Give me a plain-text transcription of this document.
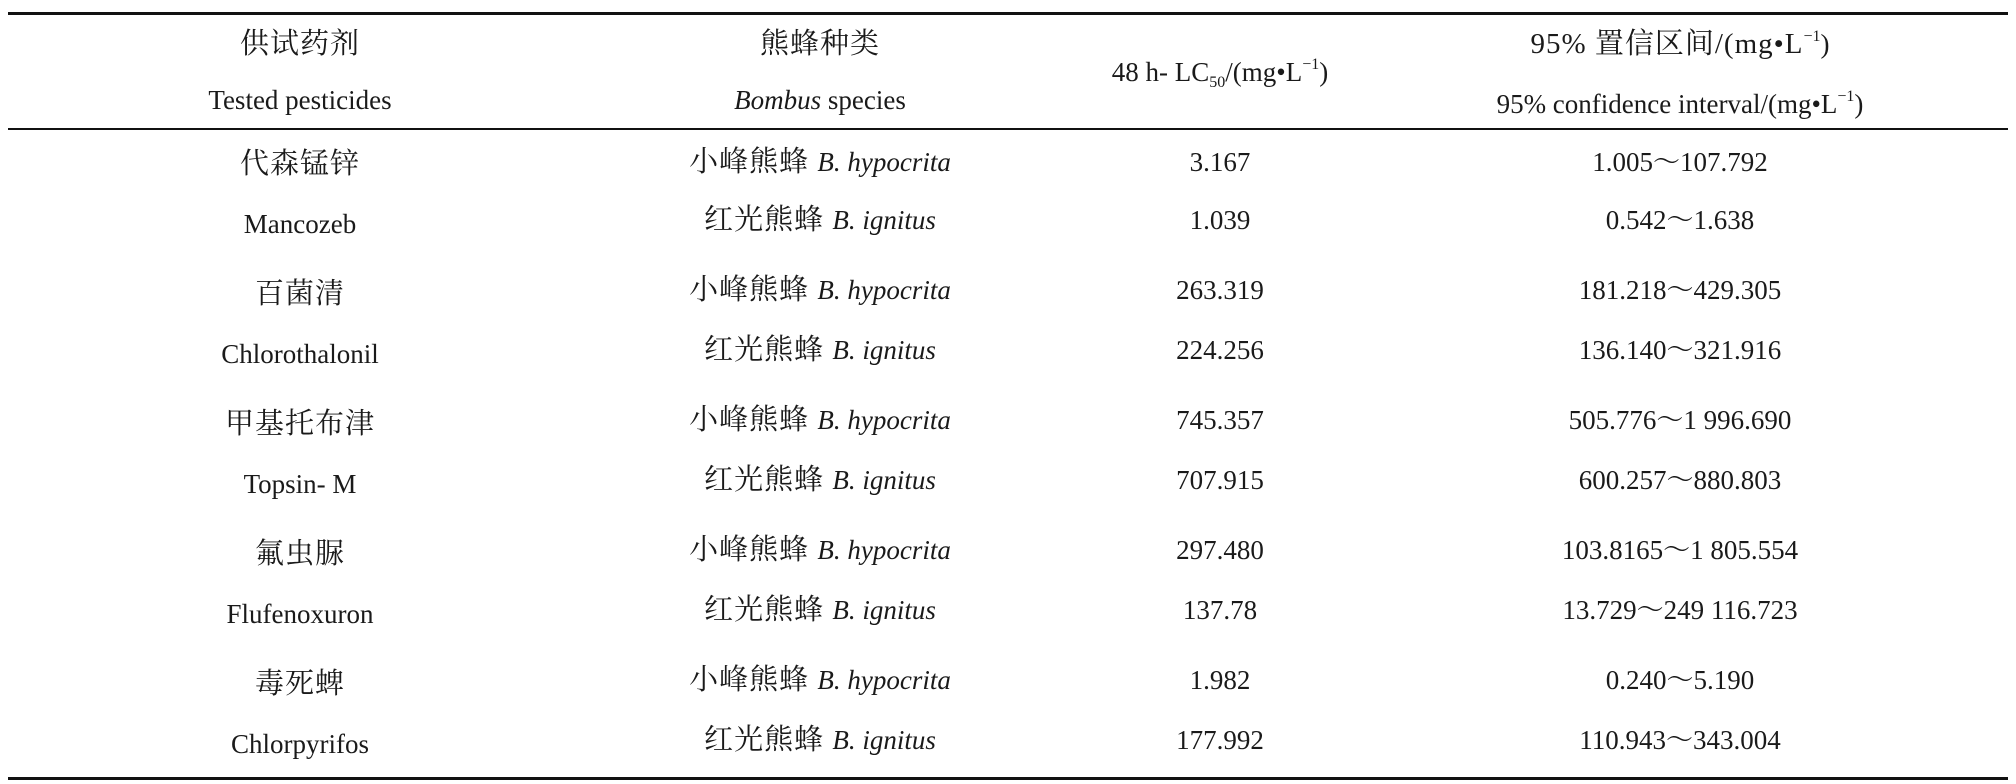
供试药剂
Tested pesticides
熊蜂种类
Bombus species
48 h- $LC_{50}/(mg•L^{-1})$
95% 置信区间$/(mg•L^{-1})$
95% confidence interval/$(mg•L^{-1})$
代森锰锌
Mancozeb
小峰熊蜂 B. hypocrita
红光熊蜂 B. ignitus
3.167
1.039
1.005～107.792
0.542～1.638
百菌清
Chlorothalonil
小峰熊蜂 B. hypocrita
红光熊蜂 B. ignitus
263.319
224.256
181.218～429.305
136.140～321.916
甲基托布津
Topsin- M
小峰熊蜂 B. hypocrita
红光熊蜂 B. ignitus
745.357
707.915
505.776～1 996.690
600.257～880.803
氟虫脲
Flufenoxuron
小峰熊蜂 B. hypocrita
红光熊蜂 B. ignitus
297.480
137.78
103.8165～1 805.554
13.729～249 116.723
毒死蜱
Chlorpyrifos
小峰熊蜂 B. hypocrita
红光熊蜂 B. ignitus
1.982
177.992
0.240～5.190
110.943～343.004
